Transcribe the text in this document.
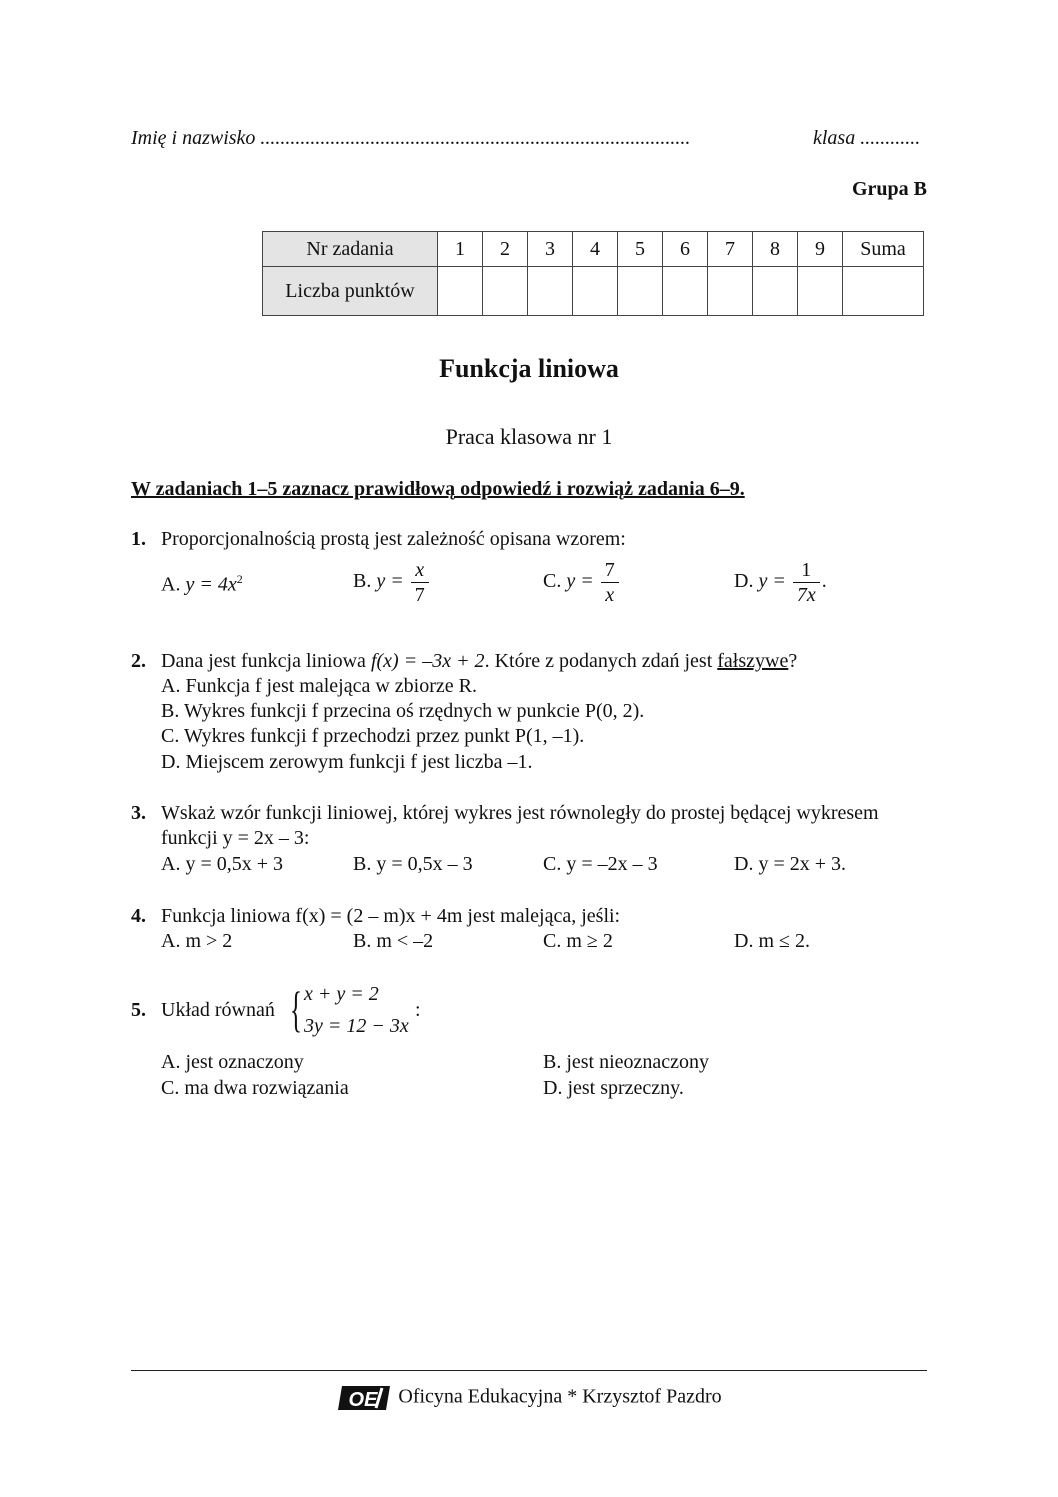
Imię i nazwisko ......................................................................................	klasa ............
Grupa B
Nr zadania	1	2	3	4	5	6	7	8	9	Suma
Liczba punktów										
Funkcja liniowa
Praca klasowa nr 1
W zadaniach 1–5 zaznacz prawidłową odpowiedź i rozwiąż zadania 6–9.
1. Proporcjonalnością prostą jest zależność opisana wzorem:
A. $y = 4x^2$	B. $y = \frac{x}{7}$	C. $y = \frac{7}{x}$	D. $y = \frac{1}{7x}$ .
2. Dana jest funkcja liniowa f(x) = –3x + 2. Które z podanych zdań jest fałszywe?
A. Funkcja f jest malejąca w zbiorze R.
B. Wykres funkcji f przecina oś rzędnych w punkcie P(0, 2).
C. Wykres funkcji f przechodzi przez punkt P(1, –1).
D. Miejscem zerowym funkcji f jest liczba –1.
3. Wskaż wzór funkcji liniowej, której wykres jest równoległy do prostej będącej wykresem
funkcji y = 2x – 3:
A. y = 0,5x + 3	B. y = 0,5x – 3	C. y = –2x – 3	D. y = 2x + 3.
4. Funkcja liniowa f(x) = (2 – m)x + 4m jest malejąca, jeśli:
A. m > 2	B. m < –2	C. m ≥ 2	D. m ≤ 2.
5. Układ równań { x + y = 2
3y = 12 − 3x
:
A. jest oznaczony	B. jest nieoznaczony
C. ma dwa rozwiązania	D. jest sprzeczny.
OE Oficyna Edukacyjna * Krzysztof Pazdro
